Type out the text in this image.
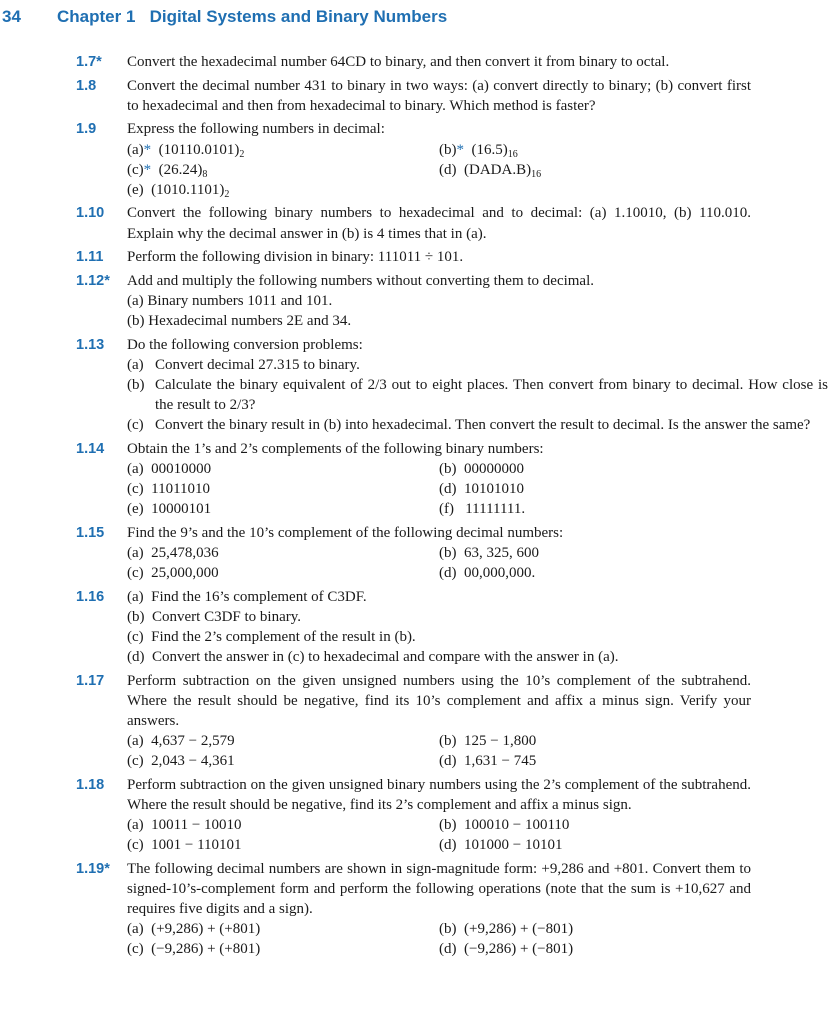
34 Chapter 1   Digital Systems and Binary Numbers
1.7* Convert the hexadecimal number 64CD to binary, and then convert it from binary to octal.
1.8 Convert the decimal number 431 to binary in two ways: (a) convert directly to binary; (b) convert first to hexadecimal and then from hexadecimal to binary. Which method is faster?
1.9 Express the following numbers in decimal:
(a)* $(10110.0101)_2$	(b)* $(16.5)_{16}$
(c)* $(26.24)_8$	(d) $(DADA.B)_{16}$
(e) $(1010.1101)_2$
1.10 Convert the following binary numbers to hexadecimal and to decimal: (a) 1.10010, (b) 110.010. Explain why the decimal answer in (b) is 4 times that in (a).
1.11 Perform the following division in binary: 111011 ÷ 101.
1.12* Add and multiply the following numbers without converting them to decimal.
(a) Binary numbers 1011 and 101.
(b) Hexadecimal numbers 2E and 34.
1.13 Do the following conversion problems:
(a) Convert decimal 27.315 to binary.
(b) Calculate the binary equivalent of 2/3 out to eight places. Then convert from binary to decimal. How close is the result to 2/3?
(c) Convert the binary result in (b) into hexadecimal. Then convert the result to decimal. Is the answer the same?
1.14 Obtain the 1’s and 2’s complements of the following binary numbers:
(a)  00010000	(b)  00000000
(c)  11011010	(d)  10101010
(e)  10000101	(f)   11111111.
1.15 Find the 9’s and the 10’s complement of the following decimal numbers:
(a)  25,478,036	(b)  63, 325, 600
(c)  25,000,000	(d)  00,000,000.
1.16 (a)  Find the 16’s complement of C3DF.
(b)  Convert C3DF to binary.
(c)  Find the 2’s complement of the result in (b).
(d)  Convert the answer in (c) to hexadecimal and compare with the answer in (a).
1.17 Perform subtraction on the given unsigned numbers using the 10’s complement of the subtrahend. Where the result should be negative, find its 10’s complement and affix a minus sign. Verify your answers.
(a)  4,637 − 2,579	(b)  125 − 1,800
(c)  2,043 − 4,361	(d)  1,631 − 745
1.18 Perform subtraction on the given unsigned binary numbers using the 2’s complement of the subtrahend. Where the result should be negative, find its 2’s complement and affix a minus sign.
(a)  10011 − 10010	(b)  100010 − 100110
(c)  1001 − 110101	(d)  101000 − 10101
1.19* The following decimal numbers are shown in sign-magnitude form: +9,286 and +801. Convert them to signed-10’s-complement form and perform the following operations (note that the sum is +10,627 and requires five digits and a sign).
(a)  (+9,286) + (+801)	(b)  (+9,286) + (−801)
(c)  (−9,286) + (+801)	(d)  (−9,286) + (−801)
